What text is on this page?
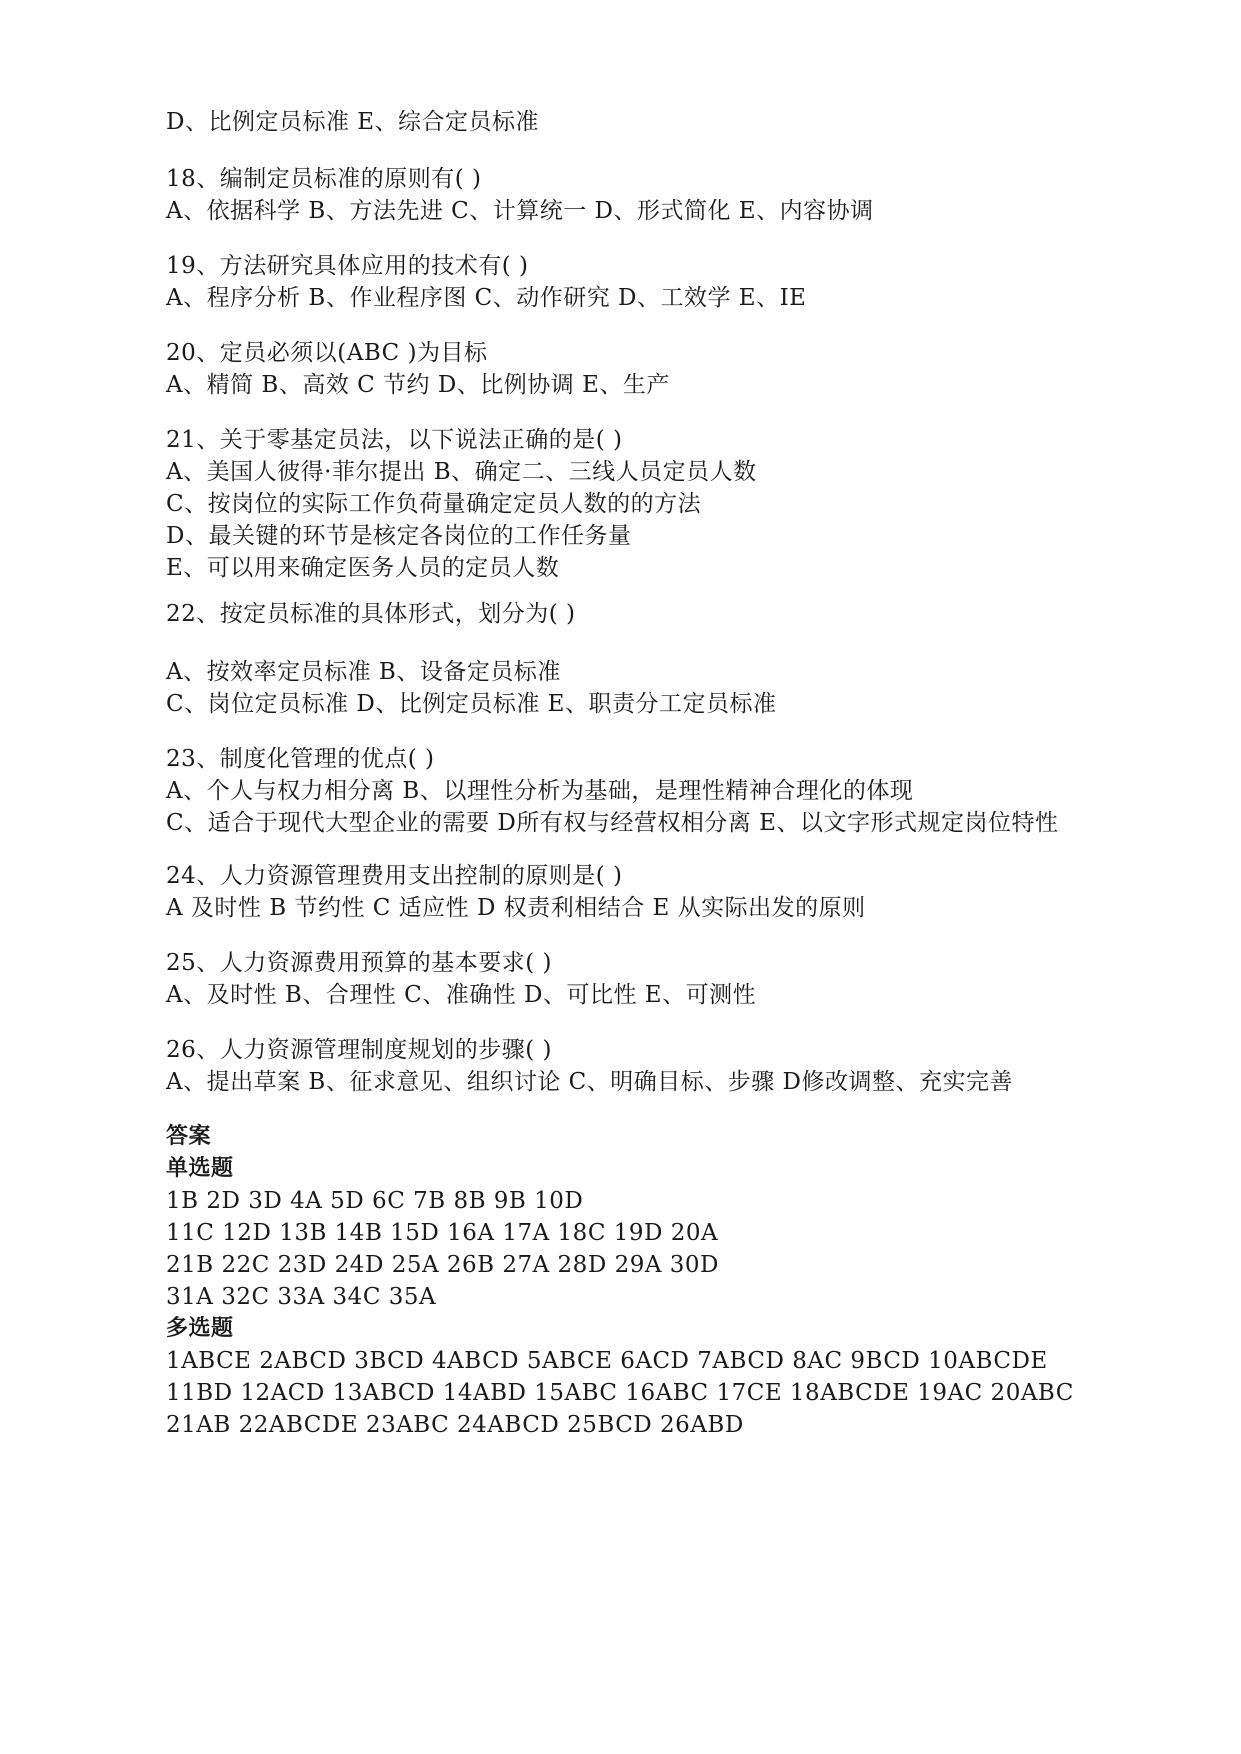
D、比例定员标准 E、综合定员标准
18、编制定员标准的原则有( )
A、依据科学 B、方法先进 C、计算统一 D、形式简化 E、内容协调
19、方法研究具体应用的技术有( )
A、程序分析 B、作业程序图 C、动作研究 D、工效学 E、IE
20、定员必须以(ABC )为目标
A、精简 B、高效 C 节约 D、比例协调 E、生产
21、关于零基定员法，以下说法正确的是( )
A、美国人彼得·菲尔提出 B、确定二、三线人员定员人数
C、按岗位的实际工作负荷量确定定员人数的的方法
D、最关键的环节是核定各岗位的工作任务量
E、可以用来确定医务人员的定员人数
22、按定员标准的具体形式，划分为( )
A、按效率定员标准 B、设备定员标准
C、岗位定员标准 D、比例定员标准 E、职责分工定员标准
23、制度化管理的优点( )
A、个人与权力相分离 B、以理性分析为基础，是理性精神合理化的体现
C、适合于现代大型企业的需要 D所有权与经营权相分离 E、以文字形式规定岗位特性
24、人力资源管理费用支出控制的原则是( )
A 及时性 B 节约性 C 适应性 D 权责利相结合 E 从实际出发的原则
25、人力资源费用预算的基本要求( )
A、及时性 B、合理性 C、准确性 D、可比性 E、可测性
26、人力资源管理制度规划的步骤( )
A、提出草案 B、征求意见、组织讨论 C、明确目标、步骤 D修改调整、充实完善
答案
单选题
1B 2D 3D 4A 5D 6C 7B 8B 9B 10D
11C 12D 13B 14B 15D 16A 17A 18C 19D 20A
21B 22C 23D 24D 25A 26B 27A 28D 29A 30D
31A 32C 33A 34C 35A
多选题
1ABCE 2ABCD 3BCD 4ABCD 5ABCE 6ACD 7ABCD 8AC 9BCD 10ABCDE
11BD 12ACD 13ABCD 14ABD 15ABC 16ABC 17CE 18ABCDE 19AC 20ABC
21AB 22ABCDE 23ABC 24ABCD 25BCD 26ABD
